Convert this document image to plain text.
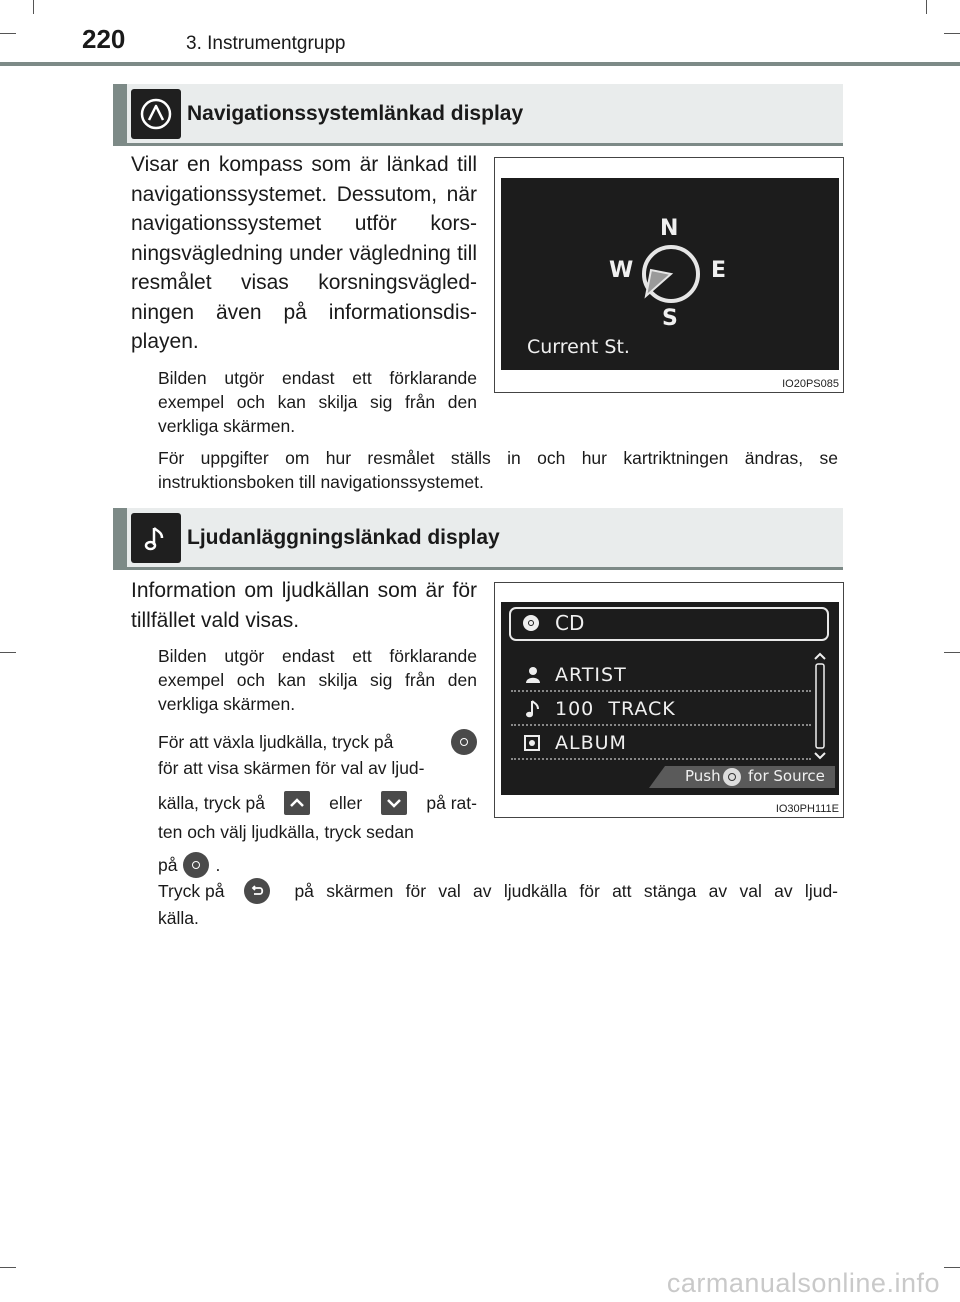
220	3. Instrumentgrupp
Navigationssystemlänkad display
Visar en kompass som är länkad till navigationssystemet. Dessutom, när navigationssystemet utför kors-ningsvägledning under vägledning till resmålet visas korsningsvägled-ningen även på informationsdis-playen.
Bilden utgör endast ett förklarande exempel och kan skilja sig från den verkliga skärmen.
För uppgifter om hur resmålet ställs in och hur kartriktningen ändras, se instruktionsboken till navigationssystemet.
N
E
S
W
Current St.
IO20PS085
Ljudanläggningslänkad display
Information om ljudkällan som är för tillfället vald visas.
Bilden utgör endast ett förklarande exempel och kan skilja sig från den verkliga skärmen.
För att växla ljudkälla, tryck på
för att visa skärmen för val av ljud-
källa, tryck på	eller	på rat-
ten och välj ljudkälla, tryck sedan
på .
Tryck på	på skärmen för val av ljudkälla för att stänga av val av ljud-
källa.
CD
ARTIST
100  TRACK
ALBUM
Push for Source
IO30PH111E
carmanualsonline.info
